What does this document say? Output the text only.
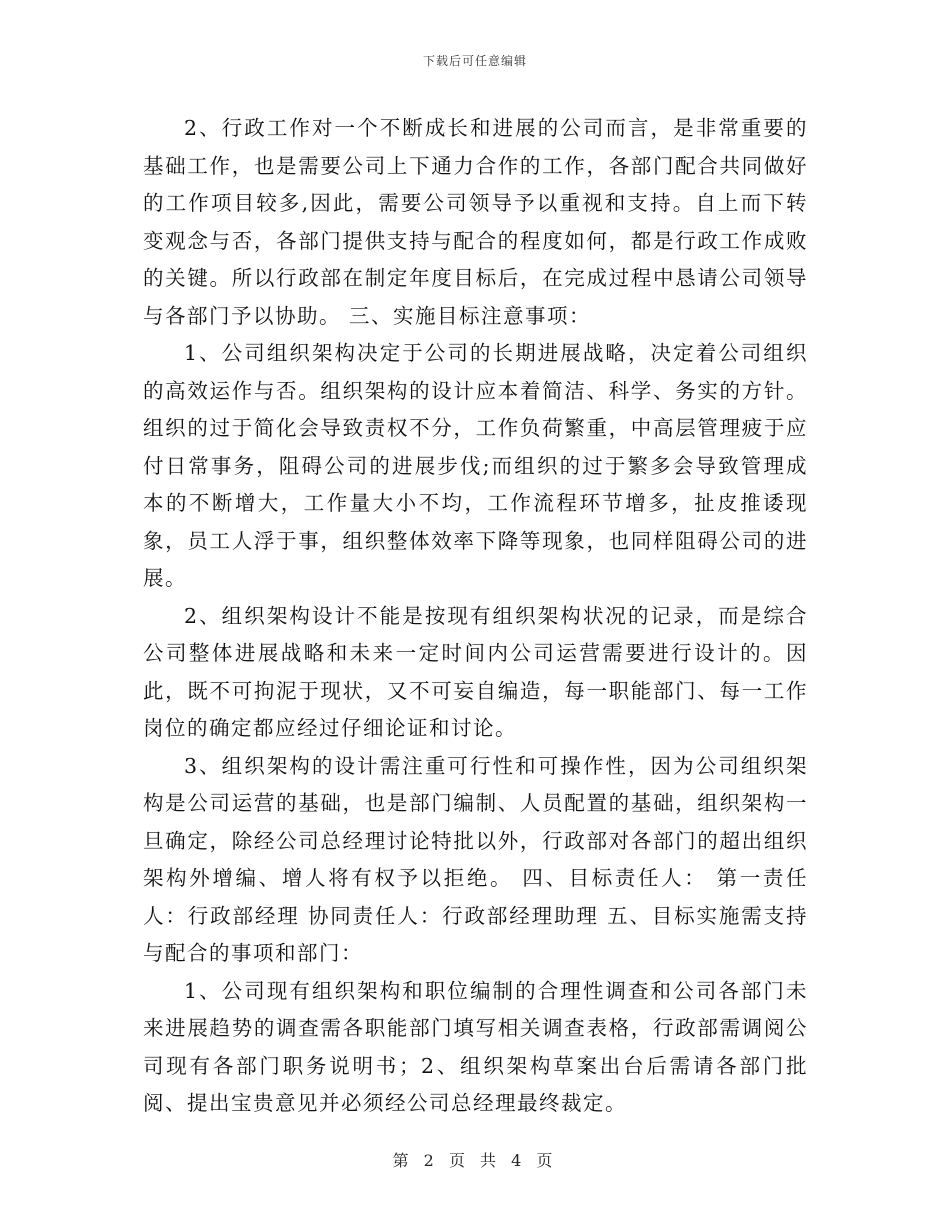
下载后可任意编辑

2、行政工作对一个不断成长和进展的公司而言，是非常重要的基础工作，也是需要公司上下通力合作的工作，各部门配合共同做好的工作项目较多,因此，需要公司领导予以重视和支持。自上而下转变观念与否，各部门提供支持与配合的程度如何，都是行政工作成败的关键。所以行政部在制定年度目标后，在完成过程中恳请公司领导与各部门予以协助。 三、实施目标注意事项：

1、公司组织架构决定于公司的长期进展战略，决定着公司组织的高效运作与否。组织架构的设计应本着简洁、科学、务实的方针。组织的过于简化会导致责权不分，工作负荷繁重，中高层管理疲于应付日常事务，阻碍公司的进展步伐;而组织的过于繁多会导致管理成本的不断增大，工作量大小不均，工作流程环节增多，扯皮推诿现象，员工人浮于事，组织整体效率下降等现象，也同样阻碍公司的进展。

2、组织架构设计不能是按现有组织架构状况的记录，而是综合公司整体进展战略和未来一定时间内公司运营需要进行设计的。因此，既不可拘泥于现状，又不可妄自编造，每一职能部门、每一工作岗位的确定都应经过仔细论证和讨论。

3、组织架构的设计需注重可行性和可操作性，因为公司组织架构是公司运营的基础，也是部门编制、人员配置的基础，组织架构一旦确定，除经公司总经理讨论特批以外，行政部对各部门的超出组织架构外增编、增人将有权予以拒绝。 四、目标责任人： 第一责任人：行政部经理 协同责任人：行政部经理助理 五、目标实施需支持与配合的事项和部门：

1、公司现有组织架构和职位编制的合理性调查和公司各部门未来进展趋势的调查需各职能部门填写相关调查表格，行政部需调阅公司现有各部门职务说明书；2、组织架构草案出台后需请各部门批阅、提出宝贵意见并必须经公司总经理最终裁定。

第 2 页 共 4 页
